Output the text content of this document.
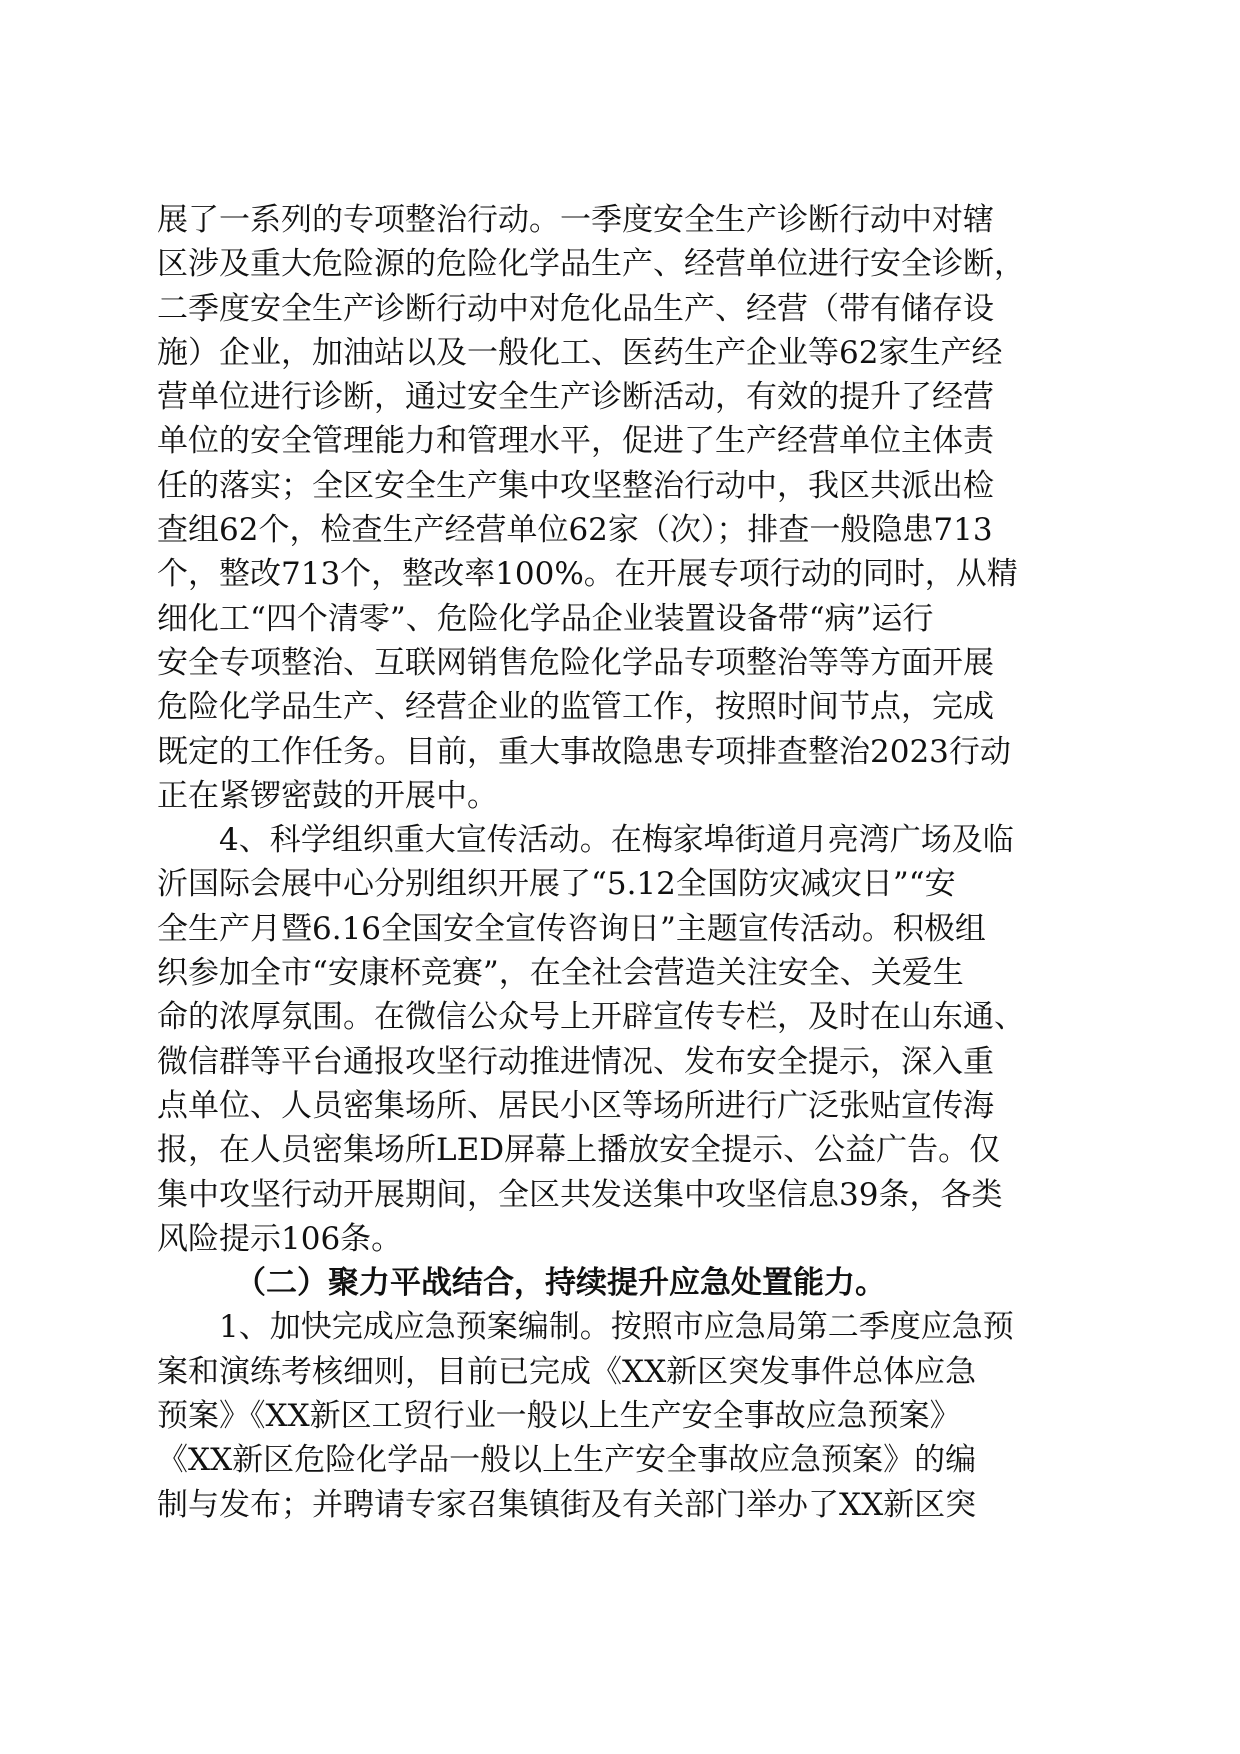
展了一系列的专项整治行动。一季度安全生产诊断行动中对辖
区涉及重大危险源的危险化学品生产、经营单位进行安全诊断，
二季度安全生产诊断行动中对危化品生产、经营（带有储存设
施）企业，加油站以及一般化工、医药生产企业等62家生产经
营单位进行诊断，通过安全生产诊断活动，有效的提升了经营
单位的安全管理能力和管理水平，促进了生产经营单位主体责
任的落实；全区安全生产集中攻坚整治行动中，我区共派出检
查组62个，检查生产经营单位62家（次）；排查一般隐患713
个，整改713个，整改率100%。在开展专项行动的同时，从精
细化工“四个清零”、危险化学品企业装置设备带“病”运行
安全专项整治、互联网销售危险化学品专项整治等等方面开展
危险化学品生产、经营企业的监管工作，按照时间节点，完成
既定的工作任务。目前，重大事故隐患专项排查整治2023行动
正在紧锣密鼓的开展中。
4、科学组织重大宣传活动。在梅家埠街道月亮湾广场及临
沂国际会展中心分别组织开展了“5.12全国防灾减灾日”“安
全生产月暨6.16全国安全宣传咨询日”主题宣传活动。积极组
织参加全市“安康杯竞赛”，在全社会营造关注安全、关爱生
命的浓厚氛围。在微信公众号上开辟宣传专栏，及时在山东通、
微信群等平台通报攻坚行动推进情况、发布安全提示，深入重
点单位、人员密集场所、居民小区等场所进行广泛张贴宣传海
报，在人员密集场所LED屏幕上播放安全提示、公益广告。仅
集中攻坚行动开展期间，全区共发送集中攻坚信息39条，各类
风险提示106条。
（二）聚力平战结合，持续提升应急处置能力。
1、加快完成应急预案编制。按照市应急局第二季度应急预
案和演练考核细则，目前已完成《XX新区突发事件总体应急
预案》《XX新区工贸行业一般以上生产安全事故应急预案》
《XX新区危险化学品一般以上生产安全事故应急预案》的编
制与发布；并聘请专家召集镇街及有关部门举办了XX新区突
